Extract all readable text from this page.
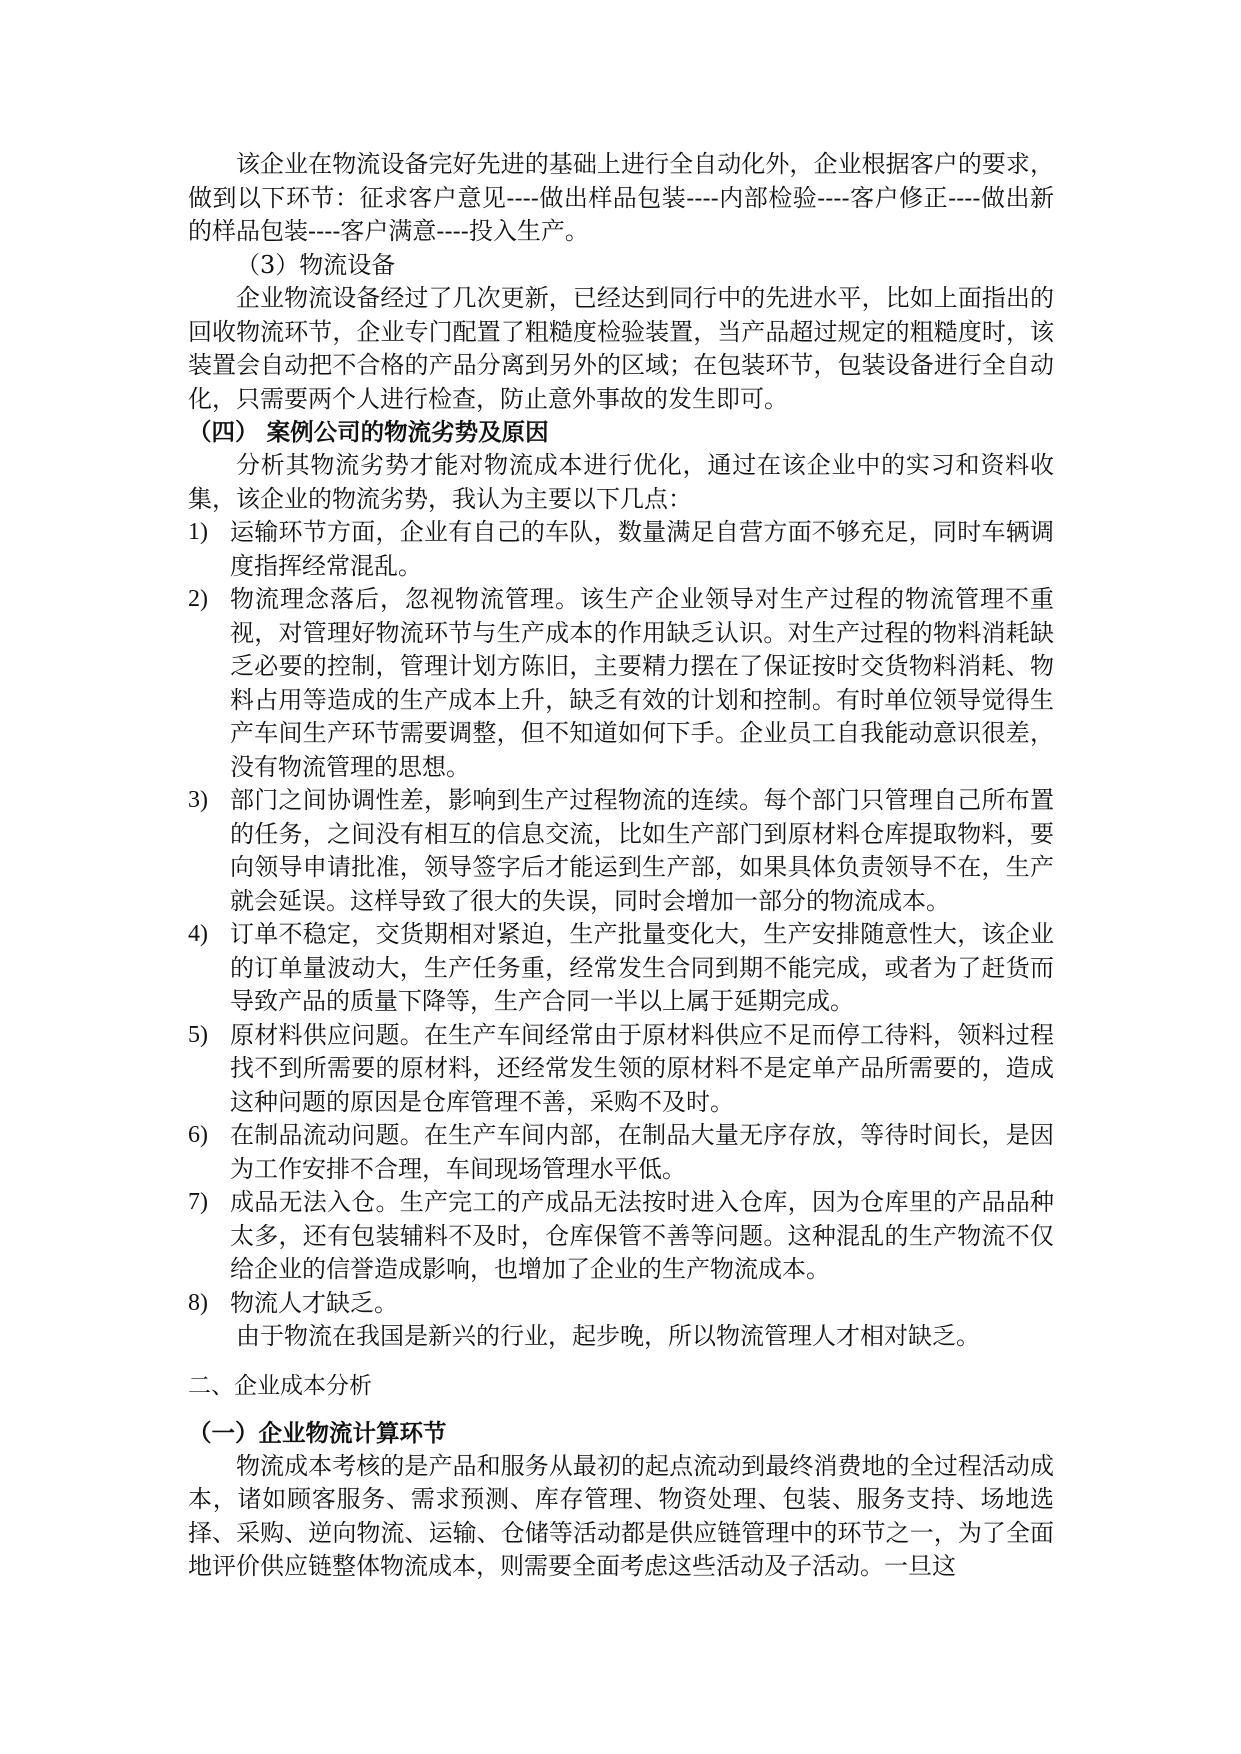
该企业在物流设备完好先进的基础上进行全自动化外，企业根据客户的要求，做到以下环节：征求客户意见----做出样品包装----内部检验----客户修正----做出新的样品包装----客户满意----投入生产。

（3）物流设备

企业物流设备经过了几次更新，已经达到同行中的先进水平，比如上面指出的回收物流环节，企业专门配置了粗糙度检验装置，当产品超过规定的粗糙度时，该装置会自动把不合格的产品分离到另外的区域；在包装环节，包装设备进行全自动化，只需要两个人进行检查，防止意外事故的发生即可。

（四） 案例公司的物流劣势及原因

分析其物流劣势才能对物流成本进行优化，通过在该企业中的实习和资料收集，该企业的物流劣势，我认为主要以下几点：

1) 运输环节方面，企业有自己的车队，数量满足自营方面不够充足，同时车辆调度指挥经常混乱。
2) 物流理念落后，忽视物流管理。该生产企业领导对生产过程的物流管理不重视，对管理好物流环节与生产成本的作用缺乏认识。对生产过程的物料消耗缺乏必要的控制，管理计划方陈旧，主要精力摆在了保证按时交货物料消耗、物料占用等造成的生产成本上升，缺乏有效的计划和控制。有时单位领导觉得生产车间生产环节需要调整，但不知道如何下手。企业员工自我能动意识很差，没有物流管理的思想。
3) 部门之间协调性差，影响到生产过程物流的连续。每个部门只管理自己所布置的任务，之间没有相互的信息交流，比如生产部门到原材料仓库提取物料，要向领导申请批准，领导签字后才能运到生产部，如果具体负责领导不在，生产就会延误。这样导致了很大的失误，同时会增加一部分的物流成本。
4) 订单不稳定，交货期相对紧迫，生产批量变化大，生产安排随意性大，该企业的订单量波动大，生产任务重，经常发生合同到期不能完成，或者为了赶货而导致产品的质量下降等，生产合同一半以上属于延期完成。
5) 原材料供应问题。在生产车间经常由于原材料供应不足而停工待料，领料过程找不到所需要的原材料，还经常发生领的原材料不是定单产品所需要的，造成这种问题的原因是仓库管理不善，采购不及时。
6) 在制品流动问题。在生产车间内部，在制品大量无序存放，等待时间长，是因为工作安排不合理，车间现场管理水平低。
7) 成品无法入仓。生产完工的产成品无法按时进入仓库，因为仓库里的产品品种太多，还有包装辅料不及时，仓库保管不善等问题。这种混乱的生产物流不仅给企业的信誉造成影响，也增加了企业的生产物流成本。
8) 物流人才缺乏。

由于物流在我国是新兴的行业，起步晚，所以物流管理人才相对缺乏。

二、企业成本分析

（一）企业物流计算环节

物流成本考核的是产品和服务从最初的起点流动到最终消费地的全过程活动成本，诸如顾客服务、需求预测、库存管理、物资处理、包装、服务支持、场地选择、采购、逆向物流、运输、仓储等活动都是供应链管理中的环节之一，为了全面地评价供应链整体物流成本，则需要全面考虑这些活动及子活动。一旦这
